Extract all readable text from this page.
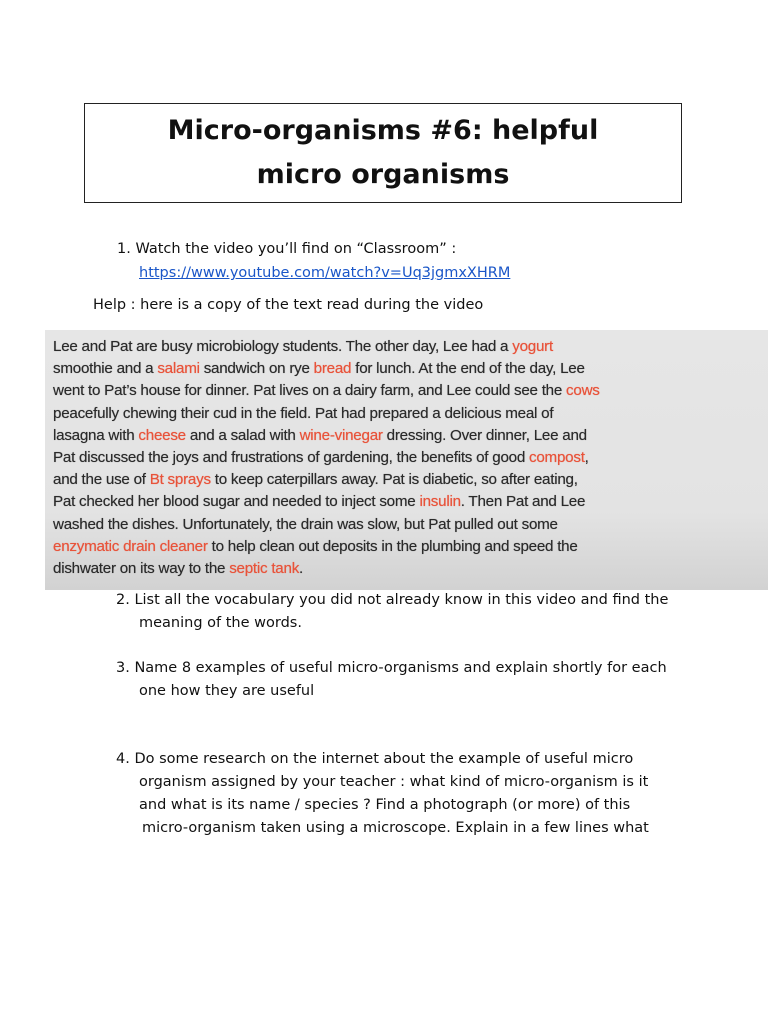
Micro-organisms #6: helpful micro organisms
1. Watch the video you’ll find on “Classroom” :
https://www.youtube.com/watch?v=Uq3jgmxXHRM
Help : here is a copy of the text read during the video
Lee and Pat are busy microbiology students. The other day, Lee had a yogurt
smoothie and a salami sandwich on rye bread for lunch. At the end of the day, Lee
went to Pat’s house for dinner. Pat lives on a dairy farm, and Lee could see the cows
peacefully chewing their cud in the field. Pat had prepared a delicious meal of
lasagna with cheese and a salad with wine-vinegar dressing. Over dinner, Lee and
Pat discussed the joys and frustrations of gardening, the benefits of good compost,
and the use of Bt sprays to keep caterpillars away. Pat is diabetic, so after eating,
Pat checked her blood sugar and needed to inject some insulin. Then Pat and Lee
washed the dishes. Unfortunately, the drain was slow, but Pat pulled out some
enzymatic drain cleaner to help clean out deposits in the plumbing and speed the
dishwater on its way to the septic tank.
2. List all the vocabulary you did not already know in this video and find the
meaning of the words.
3. Name 8 examples of useful micro-organisms and explain shortly for each
one how they are useful
4. Do some research on the internet about the example of useful micro
organism assigned by your teacher : what kind of micro-organism is it
and what is its name / species ? Find a photograph (or more) of this
micro-organism taken using a microscope. Explain in a few lines what
